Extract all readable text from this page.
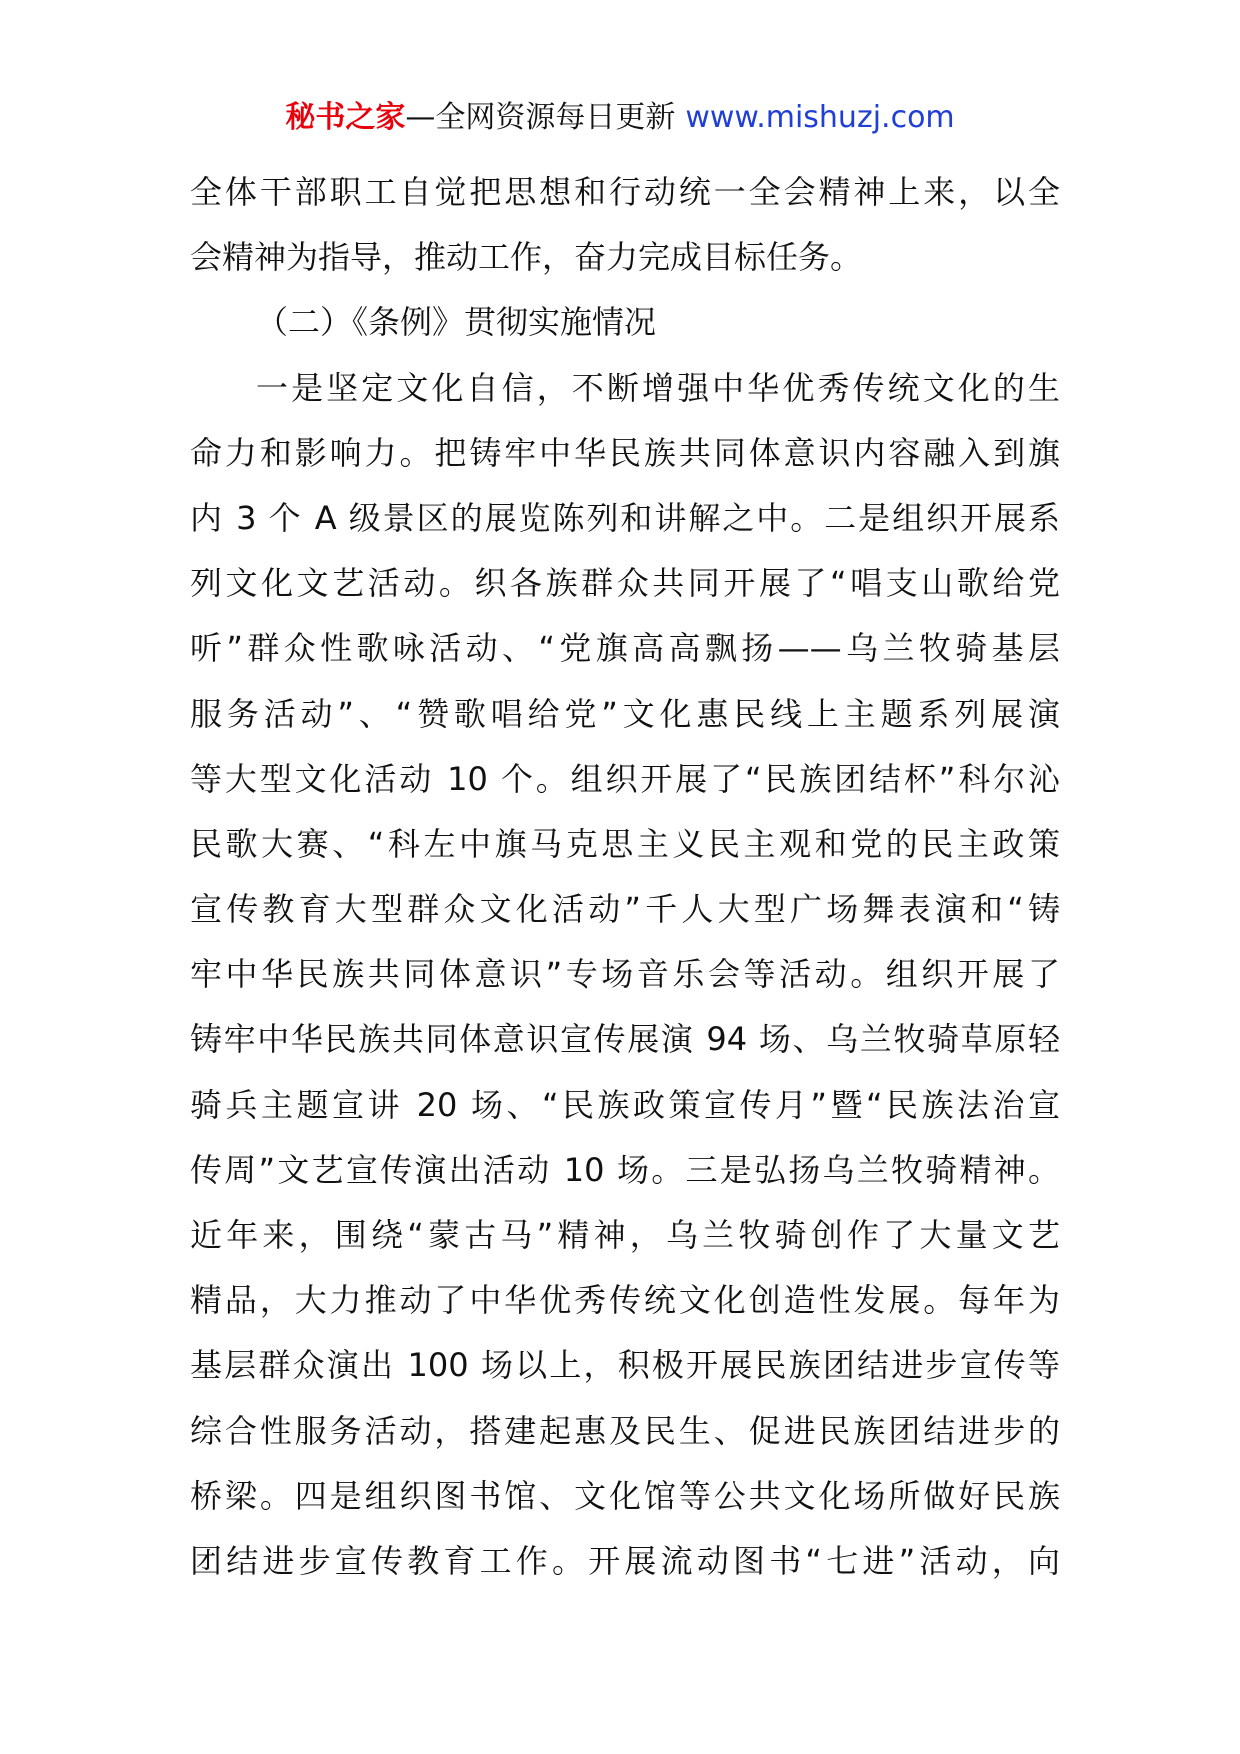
秘书之家—全网资源每日更新 www.mishuzj.com
全体干部职工自觉把思想和行动统一全会精神上来，以全
会精神为指导，推动工作，奋力完成目标任务。
（二）《条例》贯彻实施情况
一是坚定文化自信，不断增强中华优秀传统文化的生
命力和影响力。把铸牢中华民族共同体意识内容融入到旗
内 3 个 A 级景区的展览陈列和讲解之中。二是组织开展系
列文化文艺活动。织各族群众共同开展了“唱支山歌给党
听”群众性歌咏活动、“党旗高高飘扬——乌兰牧骑基层
服务活动”、“赞歌唱给党”文化惠民线上主题系列展演
等大型文化活动 10 个。组织开展了“民族团结杯”科尔沁
民歌大赛、“科左中旗马克思主义民主观和党的民主政策
宣传教育大型群众文化活动”千人大型广场舞表演和“铸
牢中华民族共同体意识”专场音乐会等活动。组织开展了
铸牢中华民族共同体意识宣传展演 94 场、乌兰牧骑草原轻
骑兵主题宣讲 20 场、“民族政策宣传月”暨“民族法治宣
传周”文艺宣传演出活动 10 场。三是弘扬乌兰牧骑精神。
近年来，围绕“蒙古马”精神，乌兰牧骑创作了大量文艺
精品，大力推动了中华优秀传统文化创造性发展。每年为
基层群众演出 100 场以上，积极开展民族团结进步宣传等
综合性服务活动，搭建起惠及民生、促进民族团结进步的
桥梁。四是组织图书馆、文化馆等公共文化场所做好民族
团结进步宣传教育工作。开展流动图书“七进”活动，向
